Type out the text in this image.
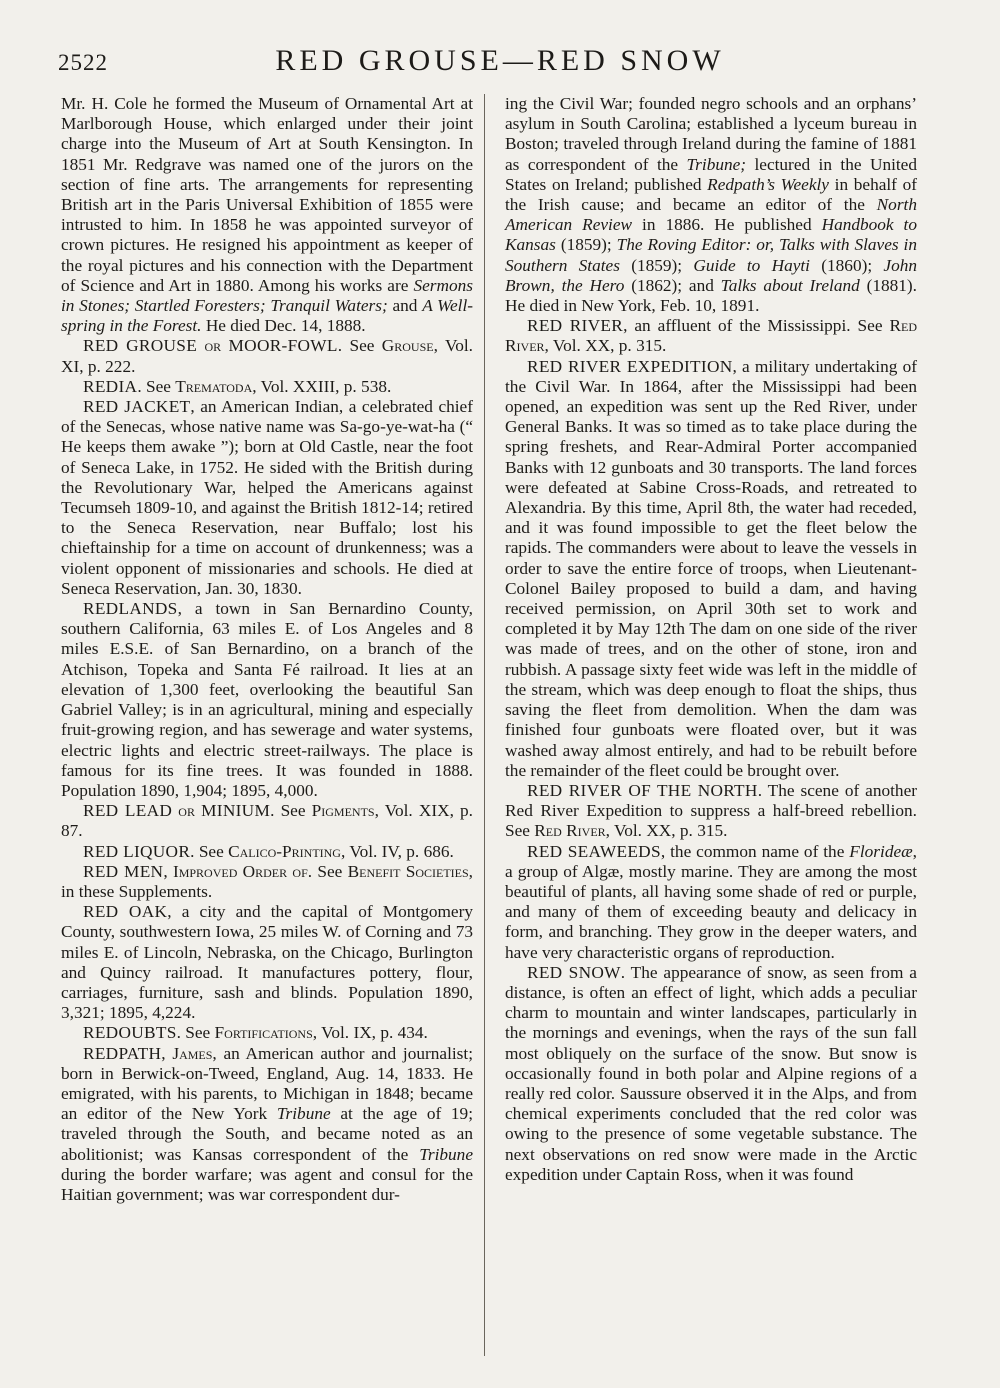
2522	RED GROUSE—RED SNOW

Mr. H. Cole he formed the Museum of Ornamental Art at Marlborough House, which enlarged under their joint charge into the Museum of Art at South Kensington. In 1851 Mr. Redgrave was named one of the jurors on the section of fine arts. The arrangements for representing British art in the Paris Universal Exhibition of 1855 were intrusted to him. In 1858 he was appointed surveyor of crown pictures. He resigned his appointment as keeper of the royal pictures and his connection with the Department of Science and Art in 1880. Among his works are Sermons in Stones; Startled Foresters; Tranquil Waters; and A Well-spring in the Forest. He died Dec. 14, 1888.

RED GROUSE or MOOR-FOWL. See Grouse, Vol. XI, p. 222.

REDIA. See Trematoda, Vol. XXIII, p. 538.

RED JACKET, an American Indian, a celebrated chief of the Senecas, whose native name was Sa-go-ye-wat-ha (“ He keeps them awake ”); born at Old Castle, near the foot of Seneca Lake, in 1752. He sided with the British during the Revolutionary War, helped the Americans against Tecumseh 1809-10, and against the British 1812-14; retired to the Seneca Reservation, near Buffalo; lost his chieftainship for a time on account of drunkenness; was a violent opponent of missionaries and schools. He died at Seneca Reservation, Jan. 30, 1830.

REDLANDS, a town in San Bernardino County, southern California, 63 miles E. of Los Angeles and 8 miles E.S.E. of San Bernardino, on a branch of the Atchison, Topeka and Santa Fé railroad. It lies at an elevation of 1,300 feet, overlooking the beautiful San Gabriel Valley; is in an agricultural, mining and especially fruit-growing region, and has sewerage and water systems, electric lights and electric street-railways. The place is famous for its fine trees. It was founded in 1888. Population 1890, 1,904; 1895, 4,000.

RED LEAD or MINIUM. See Pigments, Vol. XIX, p. 87.

RED LIQUOR. See Calico-Printing, Vol. IV, p. 686.

RED MEN, Improved Order of. See Benefit Societies, in these Supplements.

RED OAK, a city and the capital of Montgomery County, southwestern Iowa, 25 miles W. of Corning and 73 miles E. of Lincoln, Nebraska, on the Chicago, Burlington and Quincy railroad. It manufactures pottery, flour, carriages, furniture, sash and blinds. Population 1890, 3,321; 1895, 4,224.

REDOUBTS. See Fortifications, Vol. IX, p. 434.

REDPATH, James, an American author and journalist; born in Berwick-on-Tweed, England, Aug. 14, 1833. He emigrated, with his parents, to Michigan in 1848; became an editor of the New York Tribune at the age of 19; traveled through the South, and became noted as an abolitionist; was Kansas correspondent of the Tribune during the border warfare; was agent and consul for the Haitian government; was war correspondent dur-

ing the Civil War; founded negro schools and an orphans’ asylum in South Carolina; established a lyceum bureau in Boston; traveled through Ireland during the famine of 1881 as correspondent of the Tribune; lectured in the United States on Ireland; published Redpath’s Weekly in behalf of the Irish cause; and became an editor of the North American Review in 1886. He published Handbook to Kansas (1859); The Roving Editor: or, Talks with Slaves in Southern States (1859); Guide to Hayti (1860); John Brown, the Hero (1862); and Talks about Ireland (1881). He died in New York, Feb. 10, 1891.

RED RIVER, an affluent of the Mississippi. See Red River, Vol. XX, p. 315.

RED RIVER EXPEDITION, a military undertaking of the Civil War. In 1864, after the Mississippi had been opened, an expedition was sent up the Red River, under General Banks. It was so timed as to take place during the spring freshets, and Rear-Admiral Porter accompanied Banks with 12 gunboats and 30 transports. The land forces were defeated at Sabine Cross-Roads, and retreated to Alexandria. By this time, April 8th, the water had receded, and it was found impossible to get the fleet below the rapids. The commanders were about to leave the vessels in order to save the entire force of troops, when Lieutenant-Colonel Bailey proposed to build a dam, and having received permission, on April 30th set to work and completed it by May 12th The dam on one side of the river was made of trees, and on the other of stone, iron and rubbish. A passage sixty feet wide was left in the middle of the stream, which was deep enough to float the ships, thus saving the fleet from demolition. When the dam was finished four gunboats were floated over, but it was washed away almost entirely, and had to be rebuilt before the remainder of the fleet could be brought over.

RED RIVER OF THE NORTH. The scene of another Red River Expedition to suppress a half-breed rebellion. See Red River, Vol. XX, p. 315.

RED SEAWEEDS, the common name of the Florideæ, a group of Algæ, mostly marine. They are among the most beautiful of plants, all having some shade of red or purple, and many of them of exceeding beauty and delicacy in form, and branching. They grow in the deeper waters, and have very characteristic organs of reproduction.

RED SNOW. The appearance of snow, as seen from a distance, is often an effect of light, which adds a peculiar charm to mountain and winter landscapes, particularly in the mornings and evenings, when the rays of the sun fall most obliquely on the surface of the snow. But snow is occasionally found in both polar and Alpine regions of a really red color. Saussure observed it in the Alps, and from chemical experiments concluded that the red color was owing to the presence of some vegetable substance. The next observations on red snow were made in the Arctic expedition under Captain Ross, when it was found
